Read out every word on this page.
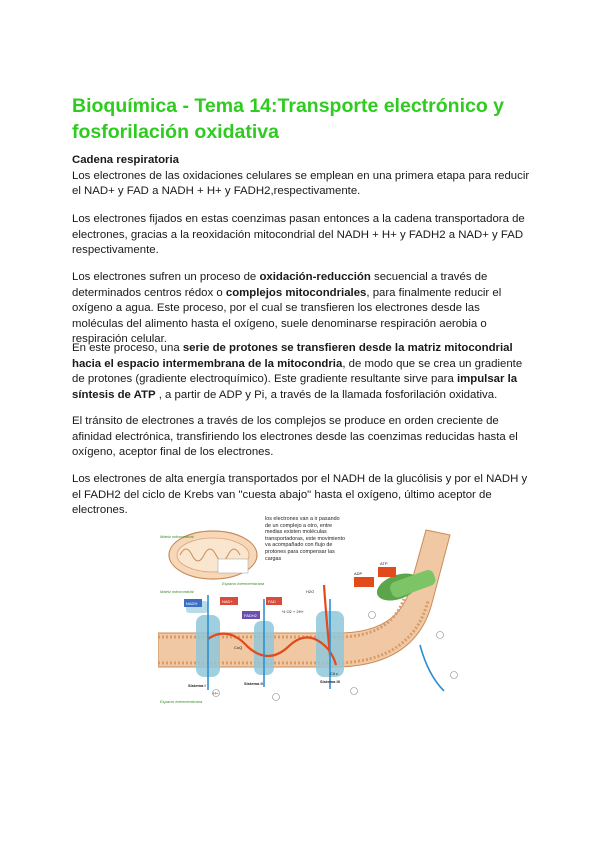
Bioquímica - Tema 14:Transporte electrónico y fosforilación oxidativa
Cadena respiratoria
Los electrones de las oxidaciones celulares se emplean en una primera etapa para reducir el NAD+ y FAD a NADH + H+ y FADH2,respectivamente.

Los electrones fijados en estas coenzimas pasan entonces a la cadena transportadora de electrones, gracias a la reoxidación mitocondrial del NADH + H+ y FADH2 a NAD+ y FAD respectivamente.

Los electrones sufren un proceso de oxidación-reducción secuencial a través de determinados centros rédox o complejos mitocondriales, para finalmente reducir el oxígeno a agua. Este proceso, por el cual se transfieren los electrones desde las moléculas del alimento hasta el oxígeno, suele denominarse respiración aerobia o respiración celular.

En este proceso, una serie de protones se transfieren desde la matriz mitocondrial hacia el espacio intermembrana de la mitocondria, de modo que se crea un gradiente de protones (gradiente electroquímico). Este gradiente resultante sirve para impulsar la síntesis de ATP , a partir de ADP y Pi, a través de la llamada fosforilación oxidativa.

El tránsito de electrones a través de los complejos se produce en orden creciente de afinidad electrónica, transfiriendo los electrones desde las coenzimas reducidas hasta el oxígeno, aceptor final de los electrones.

Los electrones de alta energía transportados por el NADH de la glucólisis y por el NADH y el FADH2 del ciclo de Krebs van "cuesta abajo" hasta el oxígeno, último aceptor de electrones.

Matriz mitocondrial
Espacio intermembrana
NADH	NAD+
FADH2
FAD
CoQ
Cit c
H2O
½ O2 + 2H+
Matriz mitocondrial
Sistema I	Sistema II	Sistema III
Espacio intermembrana
ADP
ATP
H+
los electrones van a ir pasando de un complejo a otro, entre medias existen moléculas transportadoras, este movimiento va acompañado con flujo de protones para compensar las cargas
